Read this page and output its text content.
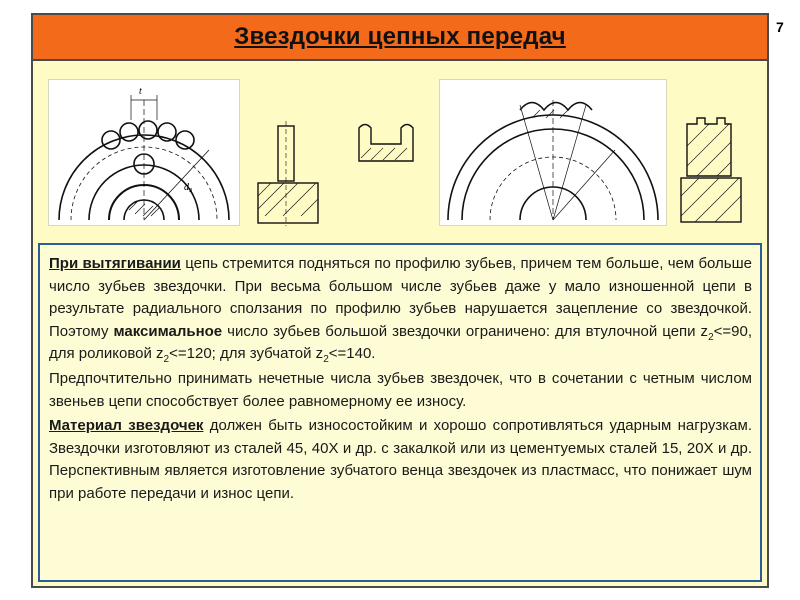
7
Звездочки цепных передач
t
d₃

При вытягивании цепь стремится подняться по профилю зубьев, причем тем больше, чем больше число зубьев звездочки. При весьма большом числе зубьев даже у мало изношенной цепи в результате радиального сползания по профилю зубьев нарушается зацепление со звездочкой. Поэтому максимальное число зубьев большой звездочки ограничено: для втулочной цепи $z_2<=90$, для роликовой $z_2<=120$; для зубчатой $z_2<=140$.

Предпочтительно принимать нечетные числа зубьев звездочек, что в сочетании с четным числом звеньев цепи способствует более равномерному ее износу.

Материал звездочек должен быть износостойким и хорошо сопротивляться ударным нагрузкам. Звездочки изготовляют из сталей 45, 40Х и др. с закалкой или из цементуемых сталей 15, 20Х и др. Перспективным является изготовление зубчатого венца звездочек из пластмасс, что понижает шум при работе передачи и износ цепи.
